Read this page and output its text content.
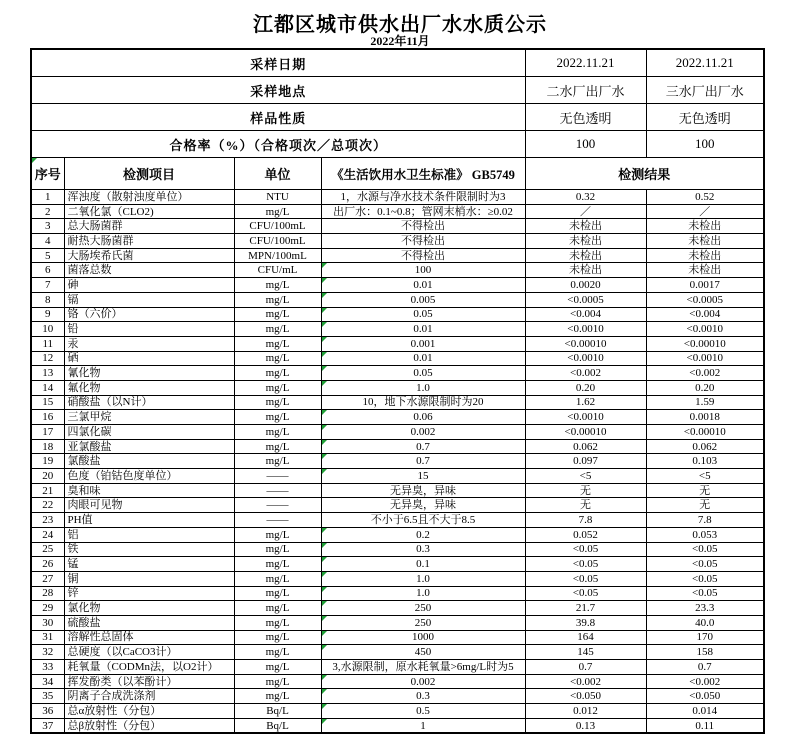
江都区城市供水出厂水水质公示
2022年11月
采样日期				2022.11.21	2022.11.21
采样地点				二水厂出厂水	三水厂出厂水
样品性质				无色透明	无色透明
合格率（%）（合格项次／总项次）				100	100

序号	检测项目	单位	《生活饮用水卫生标准》 GB5749	检测结果	
1	浑浊度（散射浊度单位）	NTU	1，水源与净水技术条件限制时为3	0.32	0.52
2	二氧化氯（CLO2)	mg/L	出厂水：0.1~0.8；管网末梢水：≥0.02	／	／
3	总大肠菌群	CFU/100mL	不得检出	未检出	未检出
4	耐热大肠菌群	CFU/100mL	不得检出	未检出	未检出
5	大肠埃希氏菌	MPN/100mL	不得检出	未检出	未检出
6	菌落总数	CFU/mL	100	未检出	未检出
7	砷	mg/L	0.01	0.0020	0.0017
8	镉	mg/L	0.005	<0.0005	<0.0005
9	铬（六价）	mg/L	0.05	<0.004	<0.004
10	铅	mg/L	0.01	<0.0010	<0.0010
11	汞	mg/L	0.001	<0.00010	<0.00010
12	硒	mg/L	0.01	<0.0010	<0.0010
13	氰化物	mg/L	0.05	<0.002	<0.002
14	氟化物	mg/L	1.0	0.20	0.20
15	硝酸盐（以N计）	mg/L	10，地下水源限制时为20	1.62	1.59
16	三氯甲烷	mg/L	0.06	<0.0010	0.0018
17	四氯化碳	mg/L	0.002	<0.00010	<0.00010
18	亚氯酸盐	mg/L	0.7	0.062	0.062
19	氯酸盐	mg/L	0.7	0.097	0.103
20	色度（铂钴色度单位）	——	15	<5	<5
21	臭和味	——	无异臭，异味	无	无
22	肉眼可见物	——	无异臭，异味	无	无
23	PH值	——	不小于6.5且不大于8.5	7.8	7.8
24	铝	mg/L	0.2	0.052	0.053
25	铁	mg/L	0.3	<0.05	<0.05
26	锰	mg/L	0.1	<0.05	<0.05
27	铜	mg/L	1.0	<0.05	<0.05
28	锌	mg/L	1.0	<0.05	<0.05
29	氯化物	mg/L	250	21.7	23.3
30	硫酸盐	mg/L	250	39.8	40.0
31	溶解性总固体	mg/L	1000	164	170
32	总硬度（以CaCO3计）	mg/L	450	145	158
33	耗氧量（CODMn法，以O2计）	mg/L	3,水源限制，原水耗氧量>6mg/L时为5	0.7	0.7
34	挥发酚类（以苯酚计）	mg/L	0.002	<0.002	<0.002
35	阴离子合成洗涤剂	mg/L	0.3	<0.050	<0.050
36	总α放射性（分包）	Bq/L	0.5	0.012	0.014
37	总β放射性（分包）	Bq/L	1	0.13	0.11
